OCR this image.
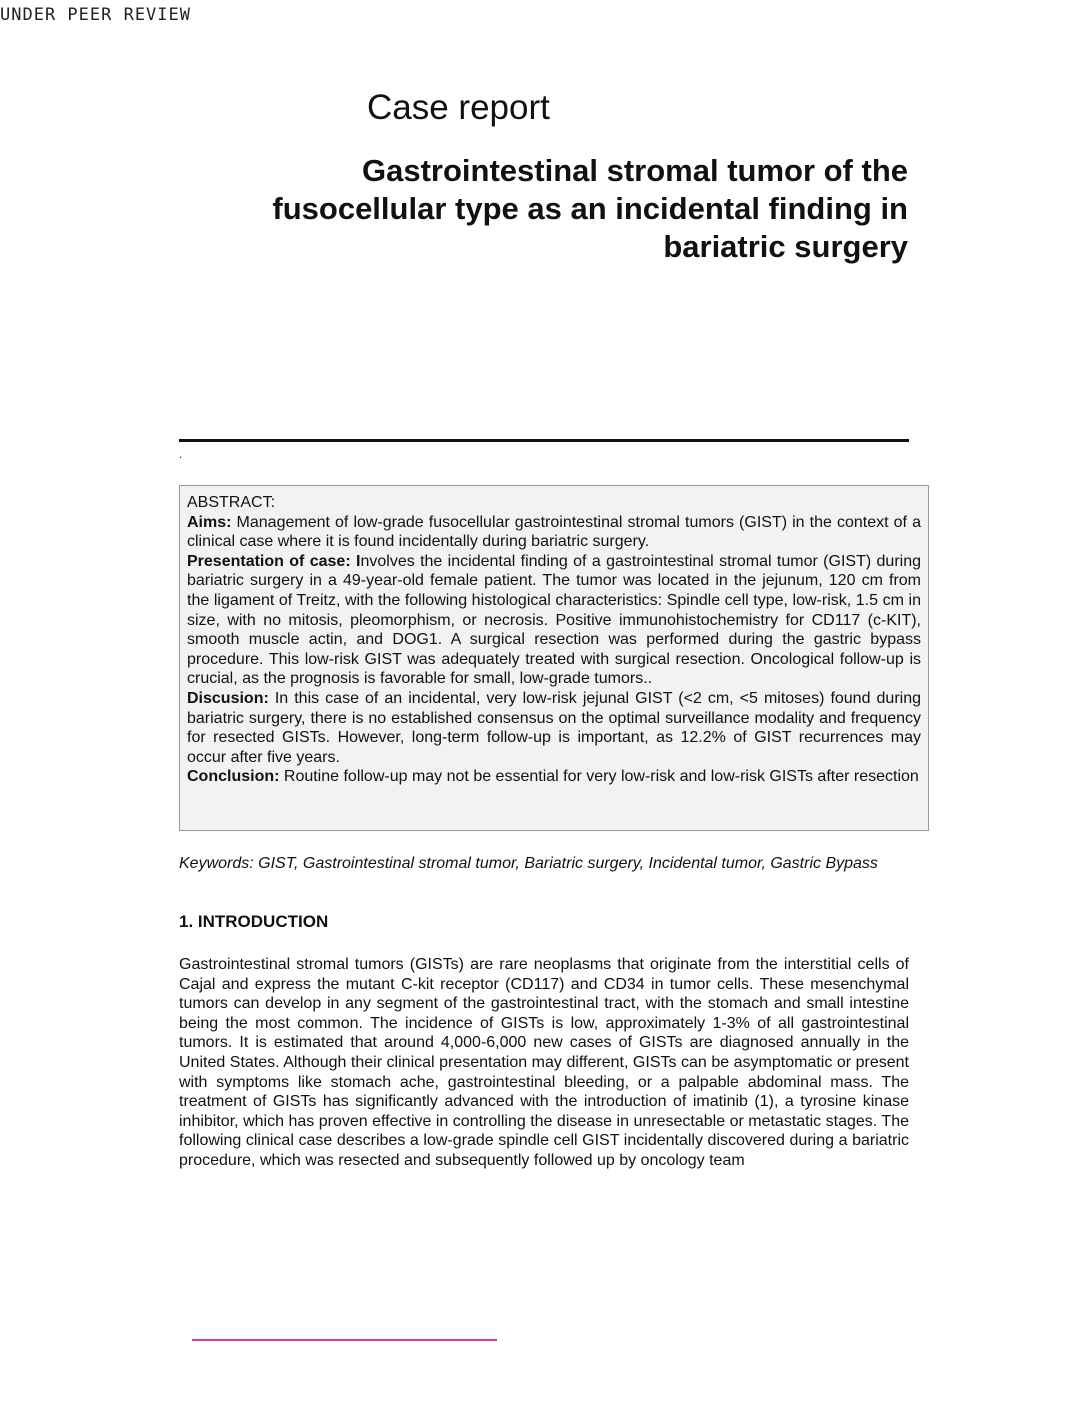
UNDER PEER REVIEW
Case report
Gastrointestinal stromal tumor of the fusocellular type as an incidental finding in bariatric surgery
.

ABSTRACT:

Aims: Management of low-grade fusocellular gastrointestinal stromal tumors (GIST) in the context of a clinical case where it is found incidentally during bariatric surgery.

Presentation of case: Involves the incidental finding of a gastrointestinal stromal tumor (GIST) during bariatric surgery in a 49-year-old female patient. The tumor was located in the jejunum, 120 cm from the ligament of Treitz, with the following histological characteristics: Spindle cell type, low-risk, 1.5 cm in size, with no mitosis, pleomorphism, or necrosis. Positive immunohistochemistry for CD117 (c-KIT), smooth muscle actin, and DOG1. A surgical resection was performed during the gastric bypass procedure. This low-risk GIST was adequately treated with surgical resection. Oncological follow-up is crucial, as the prognosis is favorable for small, low-grade tumors..

Discusion: In this case of an incidental, very low-risk jejunal GIST (<2 cm, <5 mitoses) found during bariatric surgery, there is no established consensus on the optimal surveillance modality and frequency for resected GISTs. However, long-term follow-up is important, as 12.2% of GIST recurrences may occur after five years.

Conclusion: Routine follow-up may not be essential for very low-risk and low-risk GISTs after resection

Keywords: GIST, Gastrointestinal stromal tumor, Bariatric surgery, Incidental tumor, Gastric Bypass
1. INTRODUCTION

Gastrointestinal stromal tumors (GISTs) are rare neoplasms that originate from the interstitial cells of Cajal and express the mutant C-kit receptor (CD117) and CD34 in tumor cells. These mesenchymal tumors can develop in any segment of the gastrointestinal tract, with the stomach and small intestine being the most common. The incidence of GISTs is low, approximately 1-3% of all gastrointestinal tumors. It is estimated that around 4,000-6,000 new cases of GISTs are diagnosed annually in the United States. Although their clinical presentation may different, GISTs can be asymptomatic or present with symptoms like stomach ache, gastrointestinal bleeding, or a palpable abdominal mass. The treatment of GISTs has significantly advanced with the introduction of imatinib (1), a tyrosine kinase inhibitor, which has proven effective in controlling the disease in unresectable or metastatic stages. The following clinical case describes a low-grade spindle cell GIST incidentally discovered during a bariatric procedure, which was resected and subsequently followed up by oncology team
